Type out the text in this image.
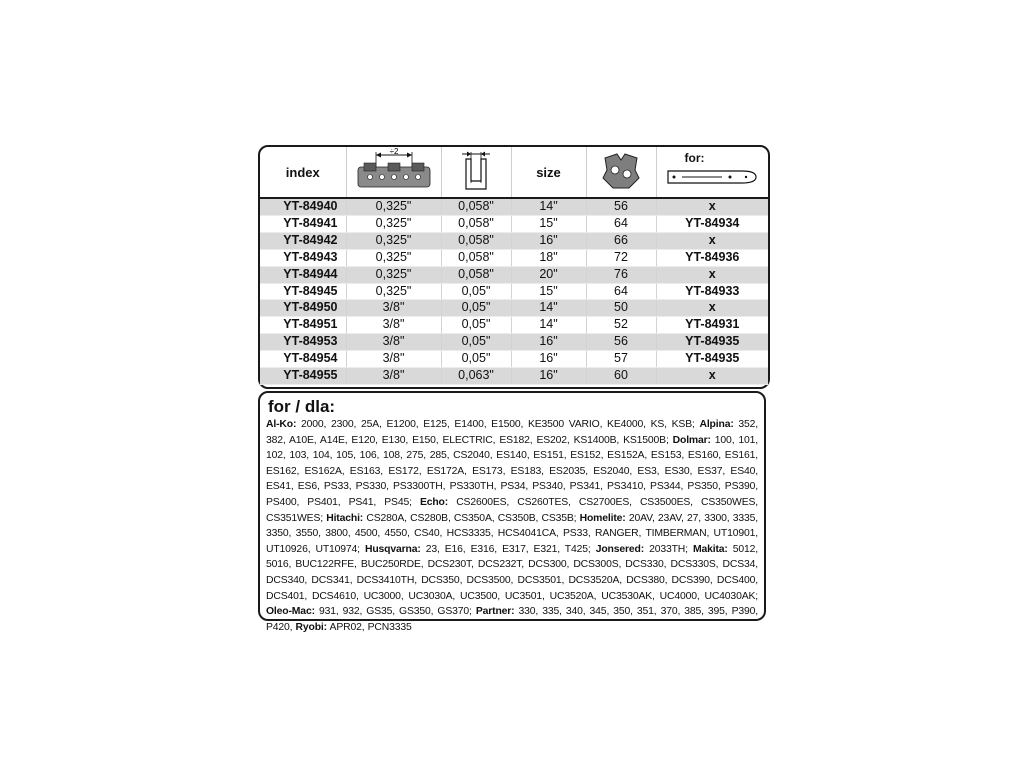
index	÷2		size		for:

YT-84940	0,325"	0,058"	14"	56	x
YT-84941	0,325"	0,058"	15"	64	YT-84934
YT-84942	0,325"	0,058"	16"	66	x
YT-84943	0,325"	0,058"	18"	72	YT-84936
YT-84944	0,325"	0,058"	20"	76	x
YT-84945	0,325"	0,05"	15"	64	YT-84933
YT-84950	3/8"	0,05"	14"	50	x
YT-84951	3/8"	0,05"	14"	52	YT-84931
YT-84953	3/8"	0,05"	16"	56	YT-84935
YT-84954	3/8"	0,05"	16"	57	YT-84935
YT-84955	3/8"	0,063"	16"	60	x
for / dla:
Al-Ko: 2000, 2300, 25A, E1200, E125, E1400, E1500, KE3500 VARIO, KE4000, KS, KSB; Alpina: 352, 382, A10E, A14E, E120, E130, E150, ELECTRIC, ES182, ES202, KS1400B, KS1500B; Dolmar: 100, 101, 102, 103, 104, 105, 106, 108, 275, 285, CS2040, ES140, ES151, ES152, ES152A, ES153, ES160, ES161, ES162, ES162A, ES163, ES172, ES172A, ES173, ES183, ES2035, ES2040, ES3, ES30, ES37, ES40, ES41, ES6, PS33, PS330, PS3300TH, PS330TH, PS34, PS340, PS341, PS3410, PS344, PS350, PS390, PS400, PS401, PS41, PS45; Echo: CS2600ES, CS260TES, CS2700ES, CS3500ES, CS350WES, CS351WES; Hitachi: CS280A, CS280B, CS350A, CS350B, CS35B; Homelite: 20AV, 23AV, 27, 3300, 3335, 3350, 3550, 3800, 4500, 4550, CS40, HCS3335, HCS4041CA, PS33, RANGER, TIMBERMAN, UT10901, UT10926, UT10974; Husqvarna: 23, E16, E316, E317, E321, T425; Jonsered: 2033TH; Makita: 5012, 5016, BUC122RFE, BUC250RDE, DCS230T, DCS232T, DCS300, DCS300S, DCS330, DCS330S, DCS34, DCS340, DCS341, DCS3410TH, DCS350, DCS3500, DCS3501, DCS3520A, DCS380, DCS390, DCS400, DCS401, DCS4610, UC3000, UC3030A, UC3500, UC3501, UC3520A, UC3530AK, UC4000, UC4030AK; Oleo-Mac: 931, 932, GS35, GS350, GS370; Partner: 330, 335, 340, 345, 350, 351, 370, 385, 395, P390, P420, Ryobi: APR02, PCN3335
